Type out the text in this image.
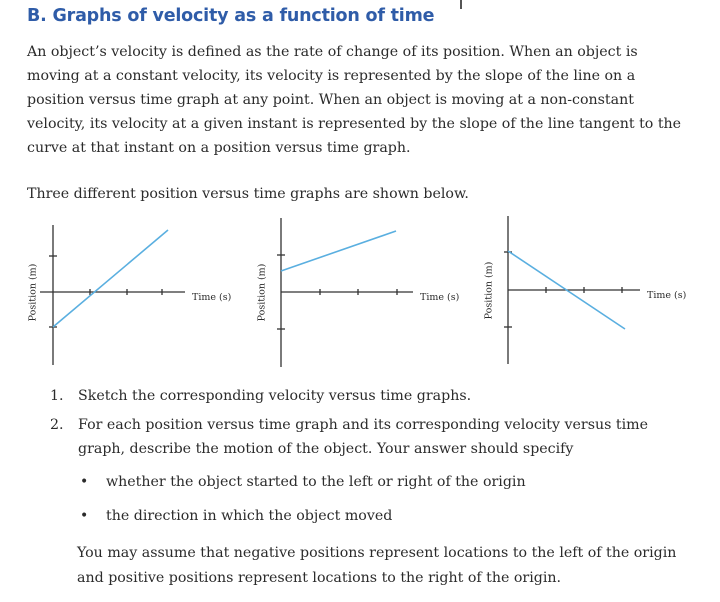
B. Graphs of velocity as a function of time
An object’s velocity is defined as the rate of change of its position. When an object is moving at a constant velocity, its velocity is represented by the slope of the line on a position versus time graph at any point. When an object is moving at a non-constant velocity, its velocity at a given instant is represented by the slope of the line tangent to the curve at that instant on a position versus time graph.
Three different position versus time graphs are shown below.
Position (m)	Time (s)	Position (m)	Time (s)	Position (m)	Time (s)
1. Sketch the corresponding velocity versus time graphs.
2. For each position versus time graph and its corresponding velocity versus time graph, describe the motion of the object. Your answer should specify
• whether the object started to the left or right of the origin
• the direction in which the object moved
You may assume that negative positions represent locations to the left of the origin and positive positions represent locations to the right of the origin.
